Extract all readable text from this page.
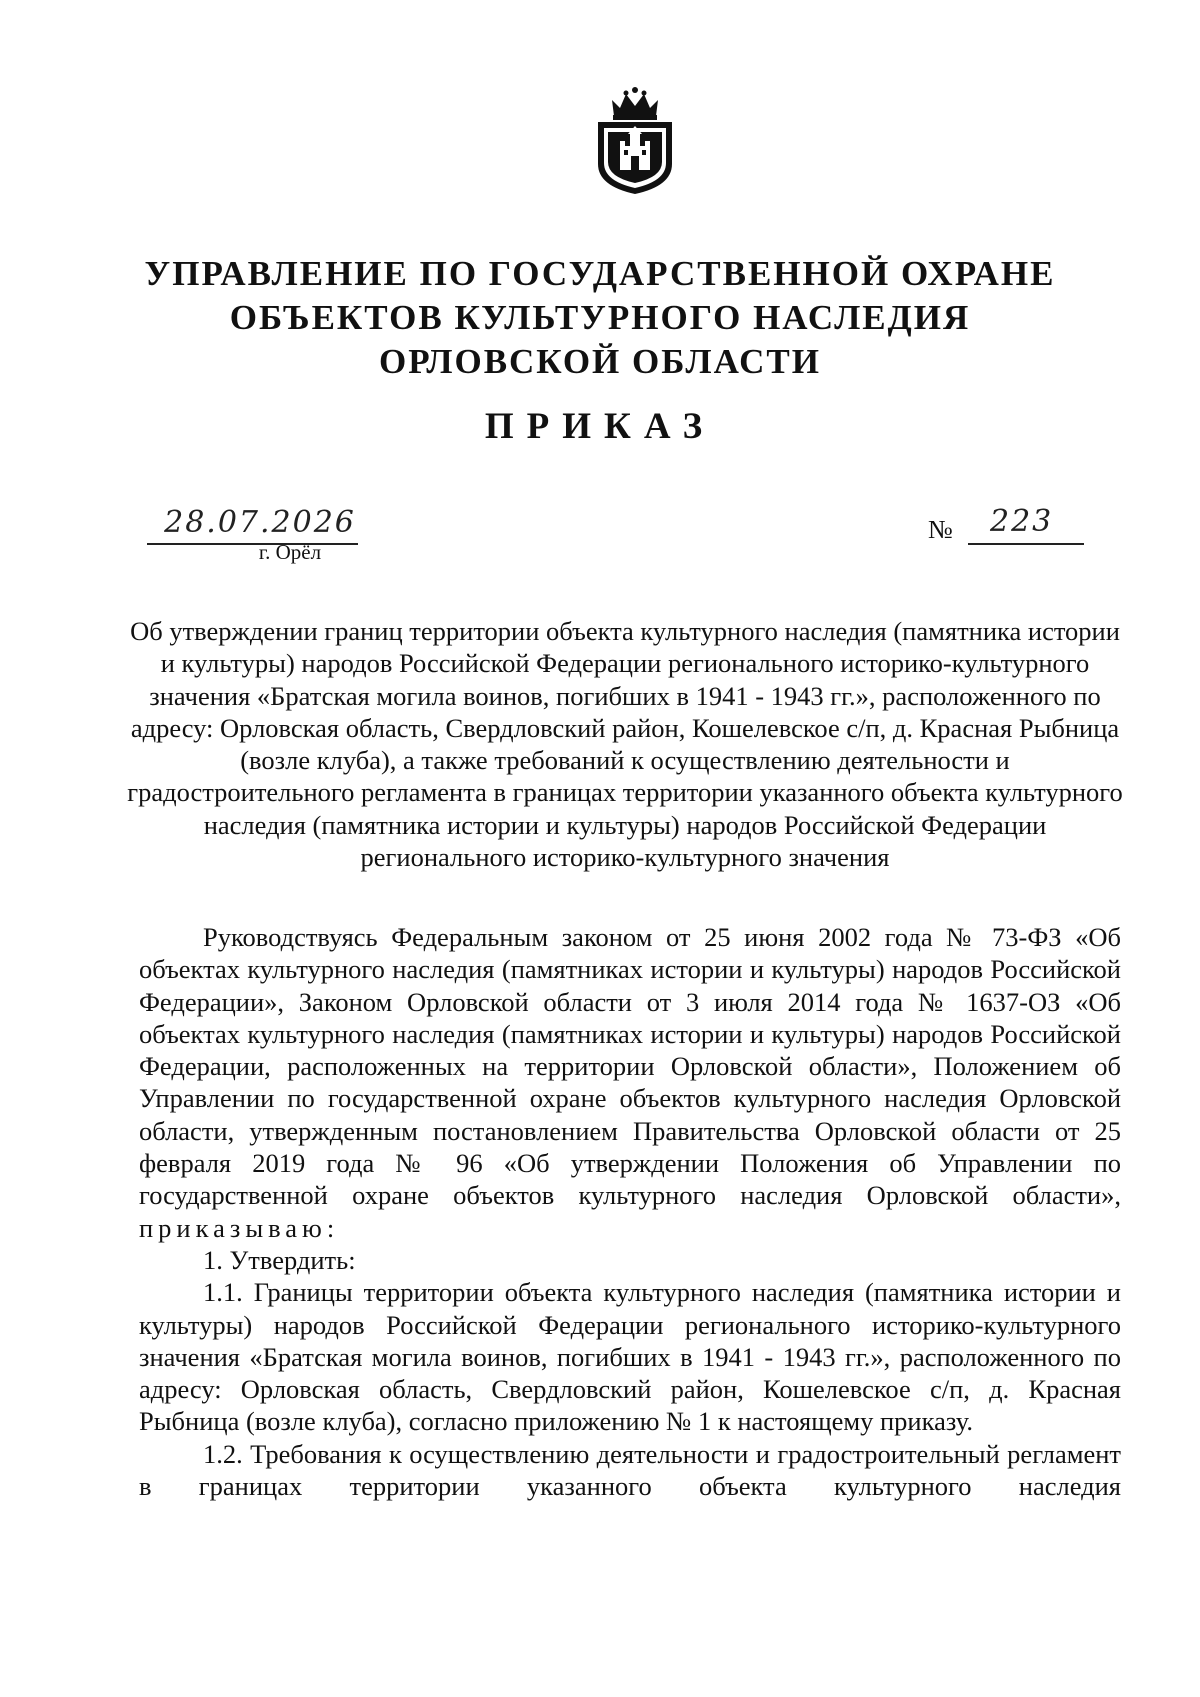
УПРАВЛЕНИЕ ПО ГОСУДАРСТВЕННОЙ ОХРАНЕ
ОБЪЕКТОВ КУЛЬТУРНОГО НАСЛЕДИЯ
ОРЛОВСКОЙ ОБЛАСТИ
ПРИКАЗ
28.07.2026
г. Орёл
№ 223

Об утверждении границ территории объекта культурного наследия (памятника истории и культуры) народов Российской Федерации регионального историко-культурного значения «Братская могила воинов, погибших в 1941 - 1943 гг.», расположенного по адресу: Орловская область, Свердловский район, Кошелевское с/п, д. Красная Рыбница (возле клуба), а также требований к осуществлению деятельности и градостроительного регламента в границах территории указанного объекта культурного наследия (памятника истории и культуры) народов Российской Федерации регионального историко-культурного значения

Руководствуясь Федеральным законом от 25 июня 2002 года № 73-ФЗ «Об объектах культурного наследия (памятниках истории и культуры) народов Российской Федерации», Законом Орловской области от 3 июля 2014 года № 1637-ОЗ «Об объектах культурного наследия (памятниках истории и культуры) народов Российской Федерации, расположенных на территории Орловской области», Положением об Управлении по государственной охране объектов культурного наследия Орловской области, утвержденным постановлением Правительства Орловской области от 25 февраля 2019 года № 96 «Об утверждении Положения об Управлении по государственной охране объектов культурного наследия Орловской области», приказываю:

1. Утвердить:

1.1. Границы территории объекта культурного наследия (памятника истории и культуры) народов Российской Федерации регионального историко-культурного значения «Братская могила воинов, погибших в 1941 - 1943 гг.», расположенного по адресу: Орловская область, Свердловский район, Кошелевское с/п, д. Красная Рыбница (возле клуба), согласно приложению № 1 к настоящему приказу.

1.2. Требования к осуществлению деятельности и градостроительный регламент в границах территории указанного объекта культурного наследия
